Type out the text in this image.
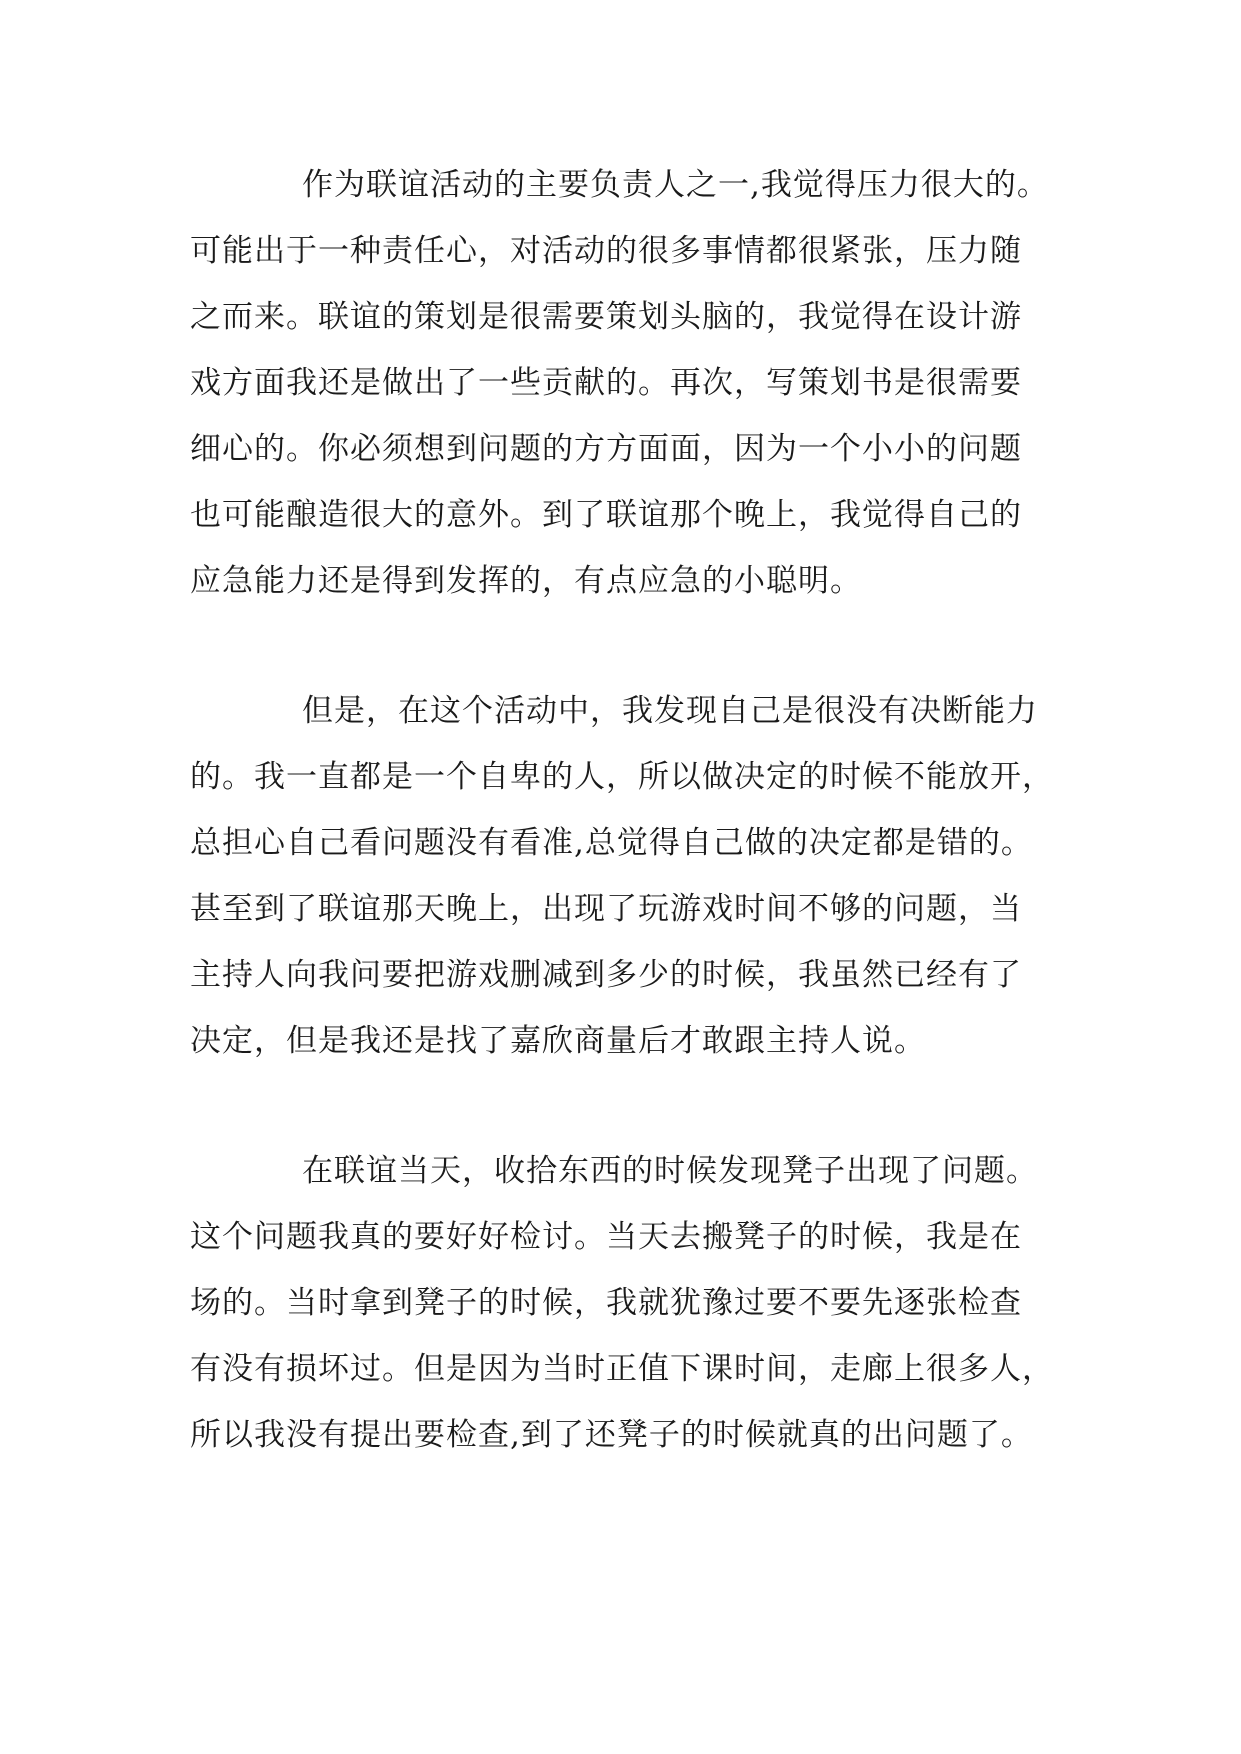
作为联谊活动的主要负责人之一,我觉得压力很大的。
可能出于一种责任心，对活动的很多事情都很紧张，压力随
之而来。联谊的策划是很需要策划头脑的，我觉得在设计游
戏方面我还是做出了一些贡献的。再次，写策划书是很需要
细心的。你必须想到问题的方方面面，因为一个小小的问题
也可能酿造很大的意外。到了联谊那个晚上，我觉得自己的
应急能力还是得到发挥的，有点应急的小聪明。
但是，在这个活动中，我发现自己是很没有决断能力
的。我一直都是一个自卑的人，所以做决定的时候不能放开，
总担心自己看问题没有看准,总觉得自己做的决定都是错的。
甚至到了联谊那天晚上，出现了玩游戏时间不够的问题，当
主持人向我问要把游戏删减到多少的时候，我虽然已经有了
决定，但是我还是找了嘉欣商量后才敢跟主持人说。
在联谊当天，收拾东西的时候发现凳子出现了问题。
这个问题我真的要好好检讨。当天去搬凳子的时候，我是在
场的。当时拿到凳子的时候，我就犹豫过要不要先逐张检查
有没有损坏过。但是因为当时正值下课时间，走廊上很多人，
所以我没有提出要检查,到了还凳子的时候就真的出问题了。
